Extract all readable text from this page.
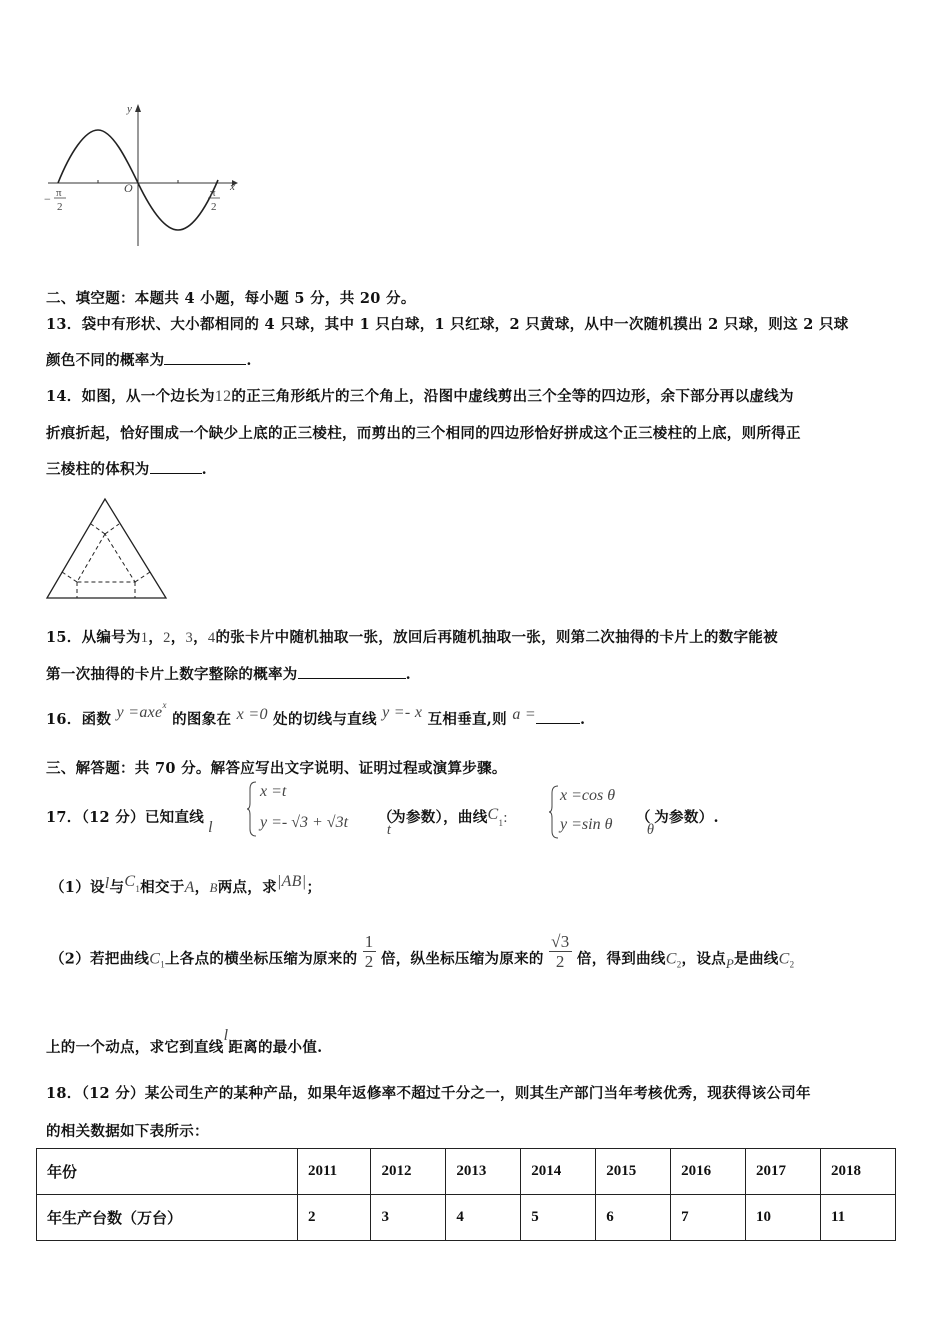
y
x
O
− π
2
π
2
二、填空题：本题共 4 小题，每小题 5 分，共 20 分。
13．袋中有形状、大小都相同的 4 只球，其中 1 只白球，1 只红球，2 只黄球，从中一次随机摸出 2 只球，则这 2 只球
颜色不同的概率为	.
14．如图，从一个边长为12的正三角形纸片的三个角上，沿图中虚线剪出三个全等的四边形，余下部分再以虚线为
折痕折起，恰好围成一个缺少上底的正三棱柱，而剪出的三个相同的四边形恰好拼成这个正三棱柱的上底，则所得正
三棱柱的体积为	.
15．从编号为1，2，3，4的张卡片中随机抽取一张，放回后再随机抽取一张，则第二次抽得的卡片上的数字能被
第一次抽得的卡片上数字整除的概率为	.
16．函数 y =axe$^x$ 的图象在 x =0 处的切线与直线 y =- x 互相垂直,则 a =	.
三、解答题：共 70 分。解答应写出文字说明、证明过程或演算步骤。
17．（12 分）已知直线l
x =t
y =- √3 + √3t （t为参数），曲线$C_1$:
x =cos θ
y =sin θ （θ为参数）.
（1）设l与$C_1$相交于A，B两点，求|AB|；
（2）若把曲线$C_1$上各点的横坐标压缩为原来的 $\frac{1}{2}$ 倍，纵坐标压缩为原来的 $\frac{√3}{2}$ 倍，得到曲线$C_2$，设点P是曲线$C_2$
上的一个动点，求它到直线l距离的最小值.
18．（12 分）某公司生产的某种产品，如果年返修率不超过千分之一，则其生产部门当年考核优秀，现获得该公司年
的相关数据如下表所示：
年份	2011	2012	2013	2014	2015	2016	2017	2018
年生产台数（万台）	2	3	4	5	6	7	10	11
